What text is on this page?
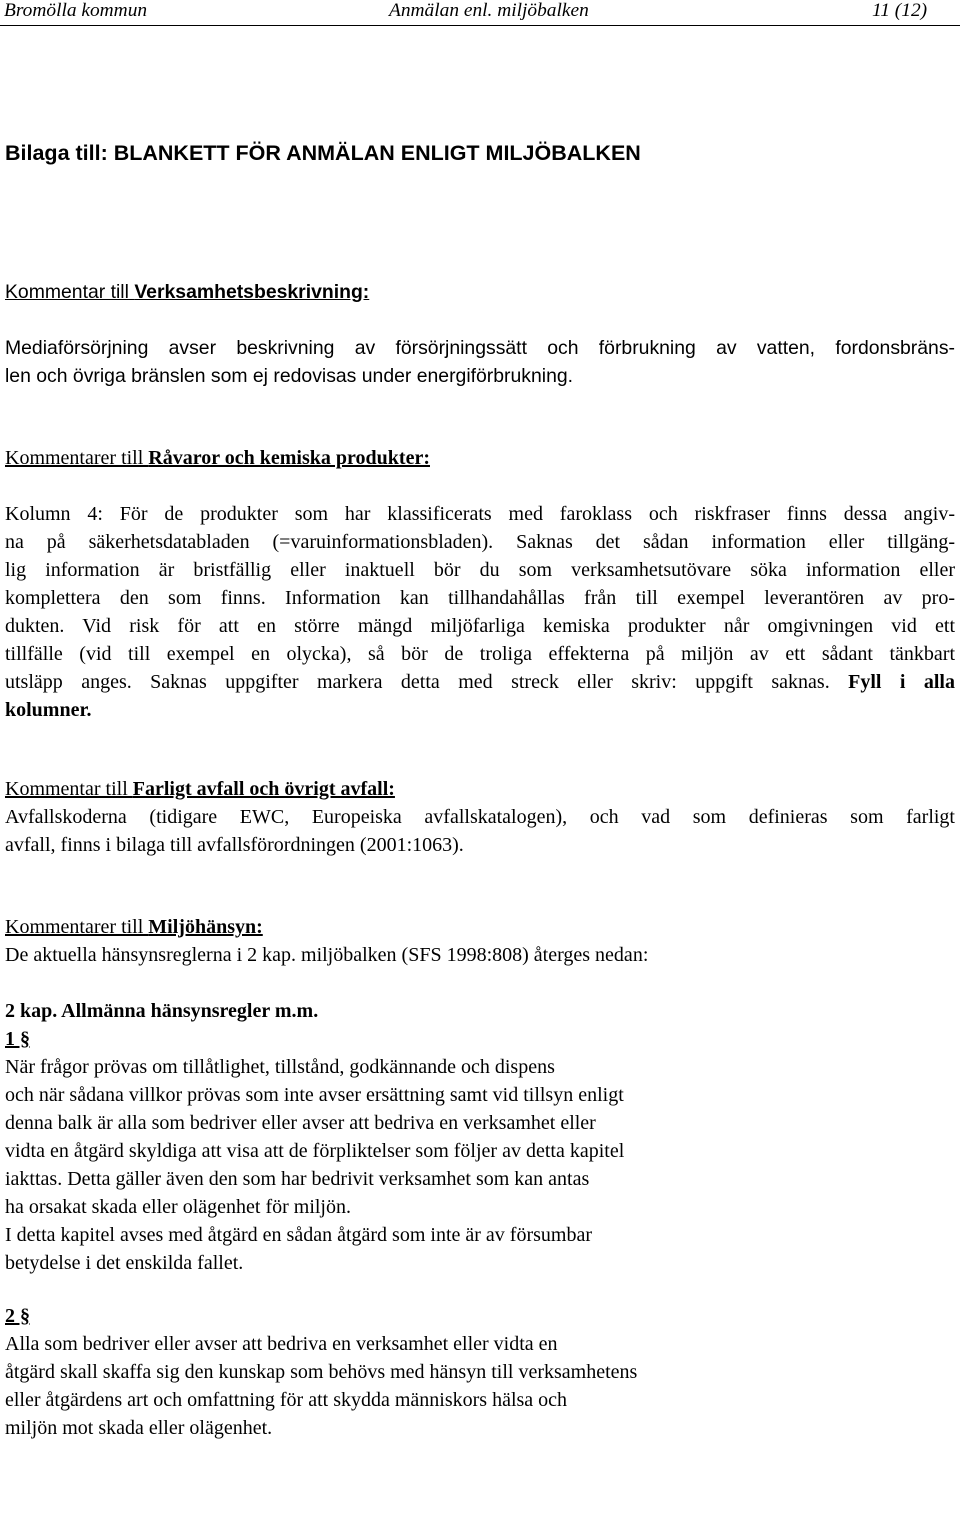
Bromölla kommun	Anmälan enl. miljöbalken	11 (12)
Bilaga till: BLANKETT FÖR ANMÄLAN ENLIGT MILJÖBALKEN
Kommentar till Verksamhetsbeskrivning:
Mediaförsörjning avser beskrivning av försörjningssätt och förbrukning av vatten, fordonsbräns-
len och övriga bränslen som ej redovisas under energiförbrukning.
Kommentarer till Råvaror och kemiska produkter:
Kolumn 4: För de produkter som har klassificerats med faroklass och riskfraser finns dessa angiv-
na på säkerhetsdatabladen (=varuinformationsbladen). Saknas det sådan information eller tillgäng-
lig information är bristfällig eller inaktuell bör du som verksamhetsutövare söka information eller
komplettera den som finns. Information kan tillhandahållas från till exempel leverantören av pro-
dukten. Vid risk för att en större mängd miljöfarliga kemiska produkter når omgivningen vid ett
tillfälle (vid till exempel en olycka), så bör de troliga effekterna på miljön av ett sådant tänkbart
utsläpp anges. Saknas uppgifter markera detta med streck eller skriv: uppgift saknas. Fyll i alla
kolumner.
Kommentar till Farligt avfall och övrigt avfall:
Avfallskoderna (tidigare EWC, Europeiska avfallskatalogen), och vad som definieras som farligt
avfall, finns i bilaga till avfallsförordningen (2001:1063).
Kommentarer till Miljöhänsyn:
De aktuella hänsynsreglerna i 2 kap. miljöbalken (SFS 1998:808) återges nedan:
2 kap. Allmänna hänsynsregler m.m.
1 §
När frågor prövas om tillåtlighet, tillstånd, godkännande och dispens
och när sådana villkor prövas som inte avser ersättning samt vid tillsyn enligt
denna balk är alla som bedriver eller avser att bedriva en verksamhet eller
vidta en åtgärd skyldiga att visa att de förpliktelser som följer av detta kapitel
iakttas. Detta gäller även den som har bedrivit verksamhet som kan antas
ha orsakat skada eller olägenhet för miljön.
I detta kapitel avses med åtgärd en sådan åtgärd som inte är av försumbar
betydelse i det enskilda fallet.
2 §
Alla som bedriver eller avser att bedriva en verksamhet eller vidta en
åtgärd skall skaffa sig den kunskap som behövs med hänsyn till verksamhetens
eller åtgärdens art och omfattning för att skydda människors hälsa och
miljön mot skada eller olägenhet.
